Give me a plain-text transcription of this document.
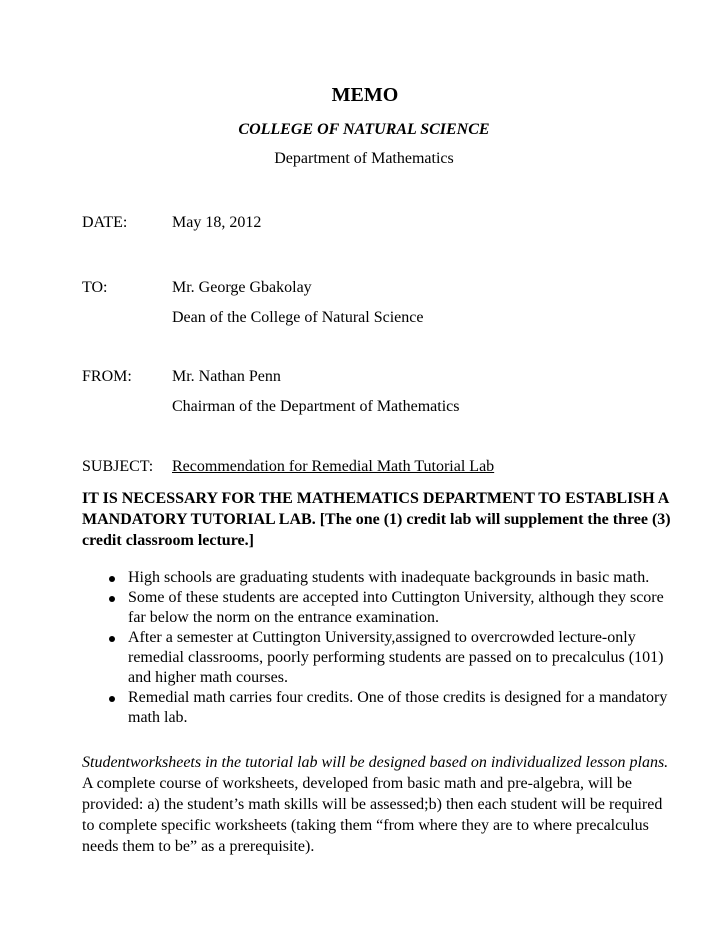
MEMO
COLLEGE OF NATURAL SCIENCE
Department of Mathematics
DATE:	May 18, 2012
TO:	Mr. George Gbakolay
Dean of the College of Natural Science
FROM:	Mr. Nathan Penn
Chairman of the Department of Mathematics
SUBJECT: Recommendation for Remedial Math Tutorial Lab
IT IS NECESSARY FOR THE MATHEMATICS DEPARTMENT TO ESTABLISH A MANDATORY TUTORIAL LAB. [The one (1) credit lab will supplement the three (3) credit classroom lecture.]
High schools are graduating students with inadequate backgrounds in basic math.
Some of these students are accepted into Cuttington University, although they score far below the norm on the entrance examination.
After a semester at Cuttington University,assigned to overcrowded lecture-only remedial classrooms, poorly performing students are passed on to precalculus (101) and higher math courses.
Remedial math carries four credits. One of those credits is designed for a mandatory math lab.
Studentworksheets in the tutorial lab will be designed based on individualized lesson plans. A complete course of worksheets, developed from basic math and pre-algebra, will be provided: a) the student’s math skills will be assessed;b) then each student will be required to complete specific worksheets (taking them “from where they are to where precalculus needs them to be” as a prerequisite).
